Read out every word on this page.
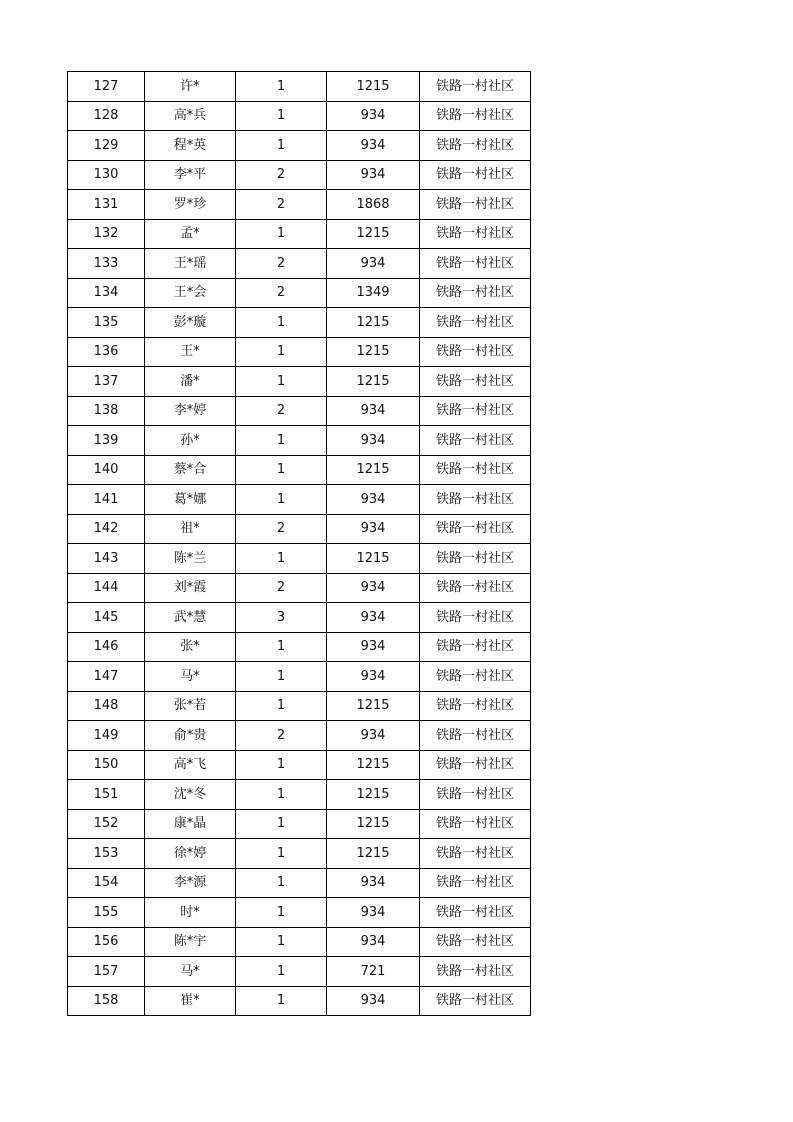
127	许*	1	1215	铁路一村社区
128	高*兵	1	934	铁路一村社区
129	程*英	1	934	铁路一村社区
130	李*平	2	934	铁路一村社区
131	罗*珍	2	1868	铁路一村社区
132	孟*	1	1215	铁路一村社区
133	王*瑶	2	934	铁路一村社区
134	王*会	2	1349	铁路一村社区
135	彭*璇	1	1215	铁路一村社区
136	王*	1	1215	铁路一村社区
137	潘*	1	1215	铁路一村社区
138	李*婷	2	934	铁路一村社区
139	孙*	1	934	铁路一村社区
140	蔡*合	1	1215	铁路一村社区
141	葛*娜	1	934	铁路一村社区
142	祖*	2	934	铁路一村社区
143	陈*兰	1	1215	铁路一村社区
144	刘*霞	2	934	铁路一村社区
145	武*慧	3	934	铁路一村社区
146	张*	1	934	铁路一村社区
147	马*	1	934	铁路一村社区
148	张*若	1	1215	铁路一村社区
149	俞*贵	2	934	铁路一村社区
150	高*飞	1	1215	铁路一村社区
151	沈*冬	1	1215	铁路一村社区
152	康*晶	1	1215	铁路一村社区
153	徐*婷	1	1215	铁路一村社区
154	李*源	1	934	铁路一村社区
155	时*	1	934	铁路一村社区
156	陈*宇	1	934	铁路一村社区
157	马*	1	721	铁路一村社区
158	崔*	1	934	铁路一村社区
